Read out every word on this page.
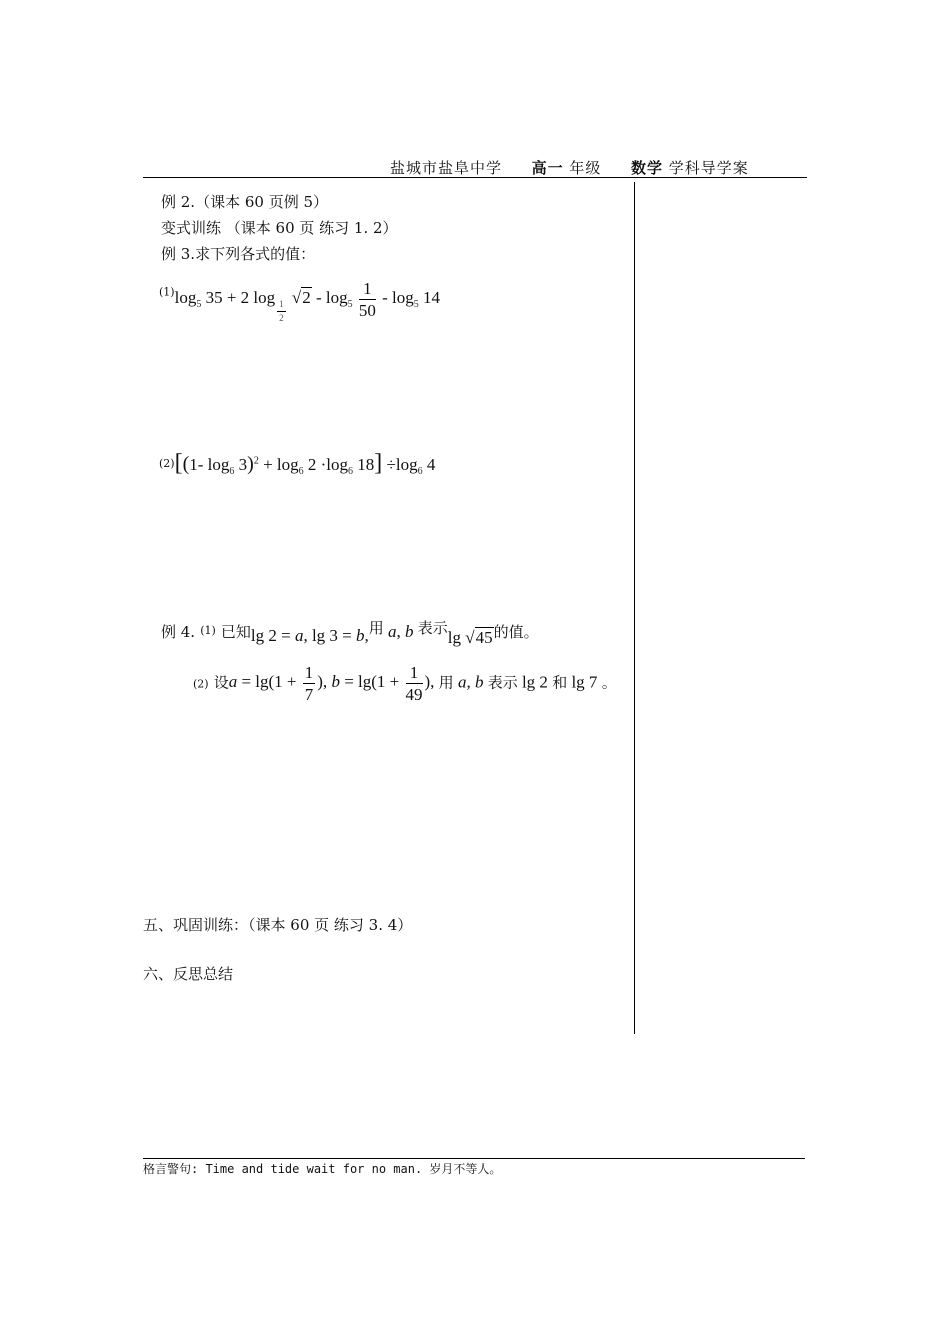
盐城市盐阜中学 高一 年级 数学 学科导学案
例 2.（课本 60 页例 5）
变式训练 （课本 60 页 练习 1. 2）
例 3.求下列各式的值：
$^{(1)}\log_5$ 35 + 2 log
$\frac{1}{2}$
$√2 - \log_5 \frac{1}{50} - \log_5 14$
(2)[(1- $\log_6 3)^2 + \log_6 2 \cdot\log_6$ $18] \div\log_6$ 4
例 4. (1) 已知lg 2 = a, lg 3 = b,用 a, b 表示lg √45的值。
(2) 设$a = \lg(1 + \frac{1}{7}$ ), $b = \lg(1 + \frac{1}{49}$ ), 用 a, b 表示 lg 2 和 lg 7 。
五、巩固训练：（课本 60 页 练习 3. 4）
六、反思总结
格言警句: Time and tide wait for no man. 岁月不等人。
